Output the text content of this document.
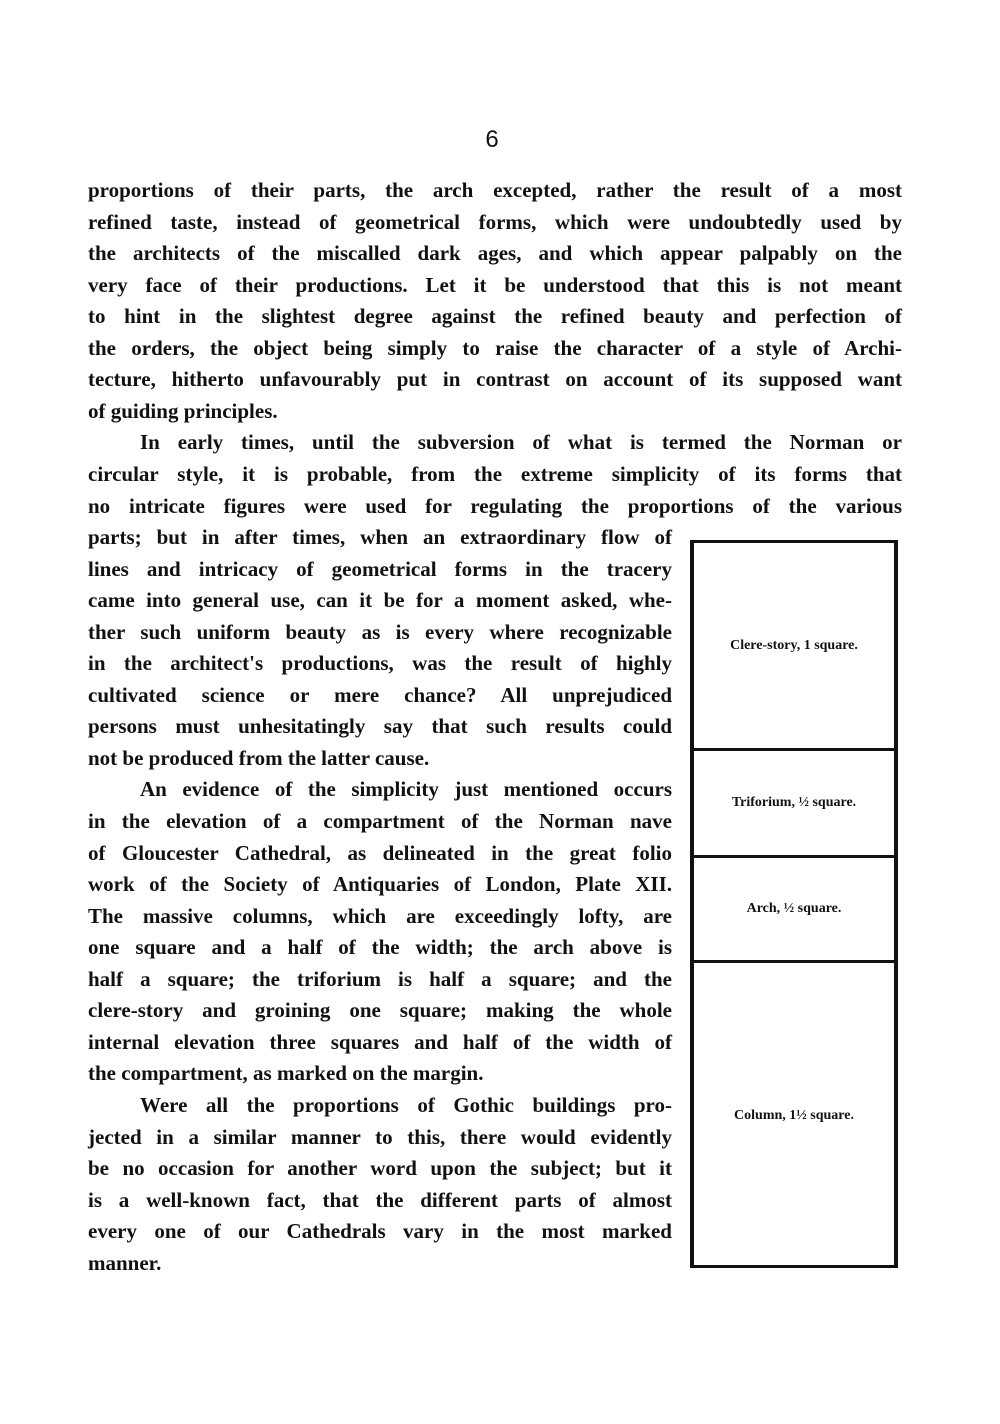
6
proportions of their parts, the arch excepted, rather the result of a most
refined taste, instead of geometrical forms, which were undoubtedly used by
the architects of the miscalled dark ages, and which appear palpably on the
very face of their productions. Let it be understood that this is not meant
to hint in the slightest degree against the refined beauty and perfection of
the orders, the object being simply to raise the character of a style of Archi-
tecture, hitherto unfavourably put in contrast on account of its supposed want
of guiding principles.
In early times, until the subversion of what is termed the Norman or
circular style, it is probable, from the extreme simplicity of its forms that
no intricate figures were used for regulating the proportions of the various
parts; but in after times, when an extraordinary flow of
lines and intricacy of geometrical forms in the tracery
came into general use, can it be for a moment asked, whe-
ther such uniform beauty as is every where recognizable
in the architect's productions, was the result of highly
cultivated science or mere chance? All unprejudiced
persons must unhesitatingly say that such results could
not be produced from the latter cause.
An evidence of the simplicity just mentioned occurs
in the elevation of a compartment of the Norman nave
of Gloucester Cathedral, as delineated in the great folio
work of the Society of Antiquaries of London, Plate XII.
The massive columns, which are exceedingly lofty, are
one square and a half of the width; the arch above is
half a square; the triforium is half a square; and the
clere-story and groining one square; making the whole
internal elevation three squares and half of the width of
the compartment, as marked on the margin.
Were all the proportions of Gothic buildings pro-
jected in a similar manner to this, there would evidently
be no occasion for another word upon the subject; but it
is a well-known fact, that the different parts of almost
every one of our Cathedrals vary in the most marked
manner.
Clere-story, 1 square.
Triforium, ½ square.
Arch, ½ square.
Column, 1½ square.
